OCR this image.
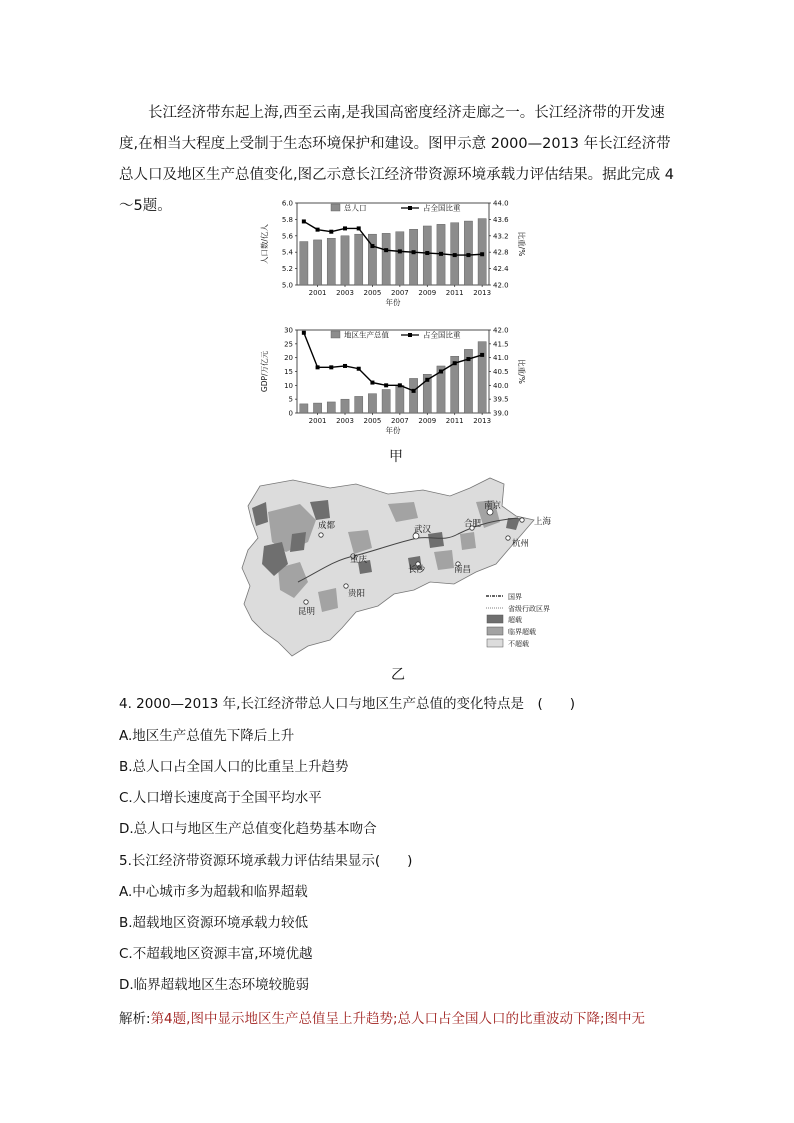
长江经济带东起上海,西至云南,是我国高密度经济走廊之一。长江经济带的开发速度,在相当大程度上受制于生态环境保护和建设。图甲示意 2000—2013 年长江经济带总人口及地区生产总值变化,图乙示意长江经济带资源环境承载力评估结果。据此完成 4～5题。

5.0
5.2
5.4
5.6
5.8
6.0
42.0
42.4
42.8
43.2
43.6
44.0
人口数/亿人	比重/%
2001 2003 2005 2007 2009 2011 2013
年份
总人口	占全国比重
0
5
10
15
20
25
30
39.0
39.5
40.0
40.5
41.0
41.5
42.0
GDP/万亿元	比重/%
2001 2003 2005 2007 2009 2011 2013
年份
地区生产总值	占全国比重
甲
成都
重庆
贵阳
昆明
武汉
长沙	南昌
合肥
南京
上海
杭州
国界
省级行政区界
超载
临界超载
不超载
乙
4. 2000—2013 年,长江经济带总人口与地区生产总值的变化特点是　(　　)
A.地区生产总值先下降后上升
B.总人口占全国人口的比重呈上升趋势
C.人口增长速度高于全国平均水平
D.总人口与地区生产总值变化趋势基本吻合
5.长江经济带资源环境承载力评估结果显示(　　)
A.中心城市多为超载和临界超载
B.超载地区资源环境承载力较低
C.不超载地区资源丰富,环境优越
D.临界超载地区生态环境较脆弱
解析:第4题,图中显示地区生产总值呈上升趋势;总人口占全国人口的比重波动下降;图中无
